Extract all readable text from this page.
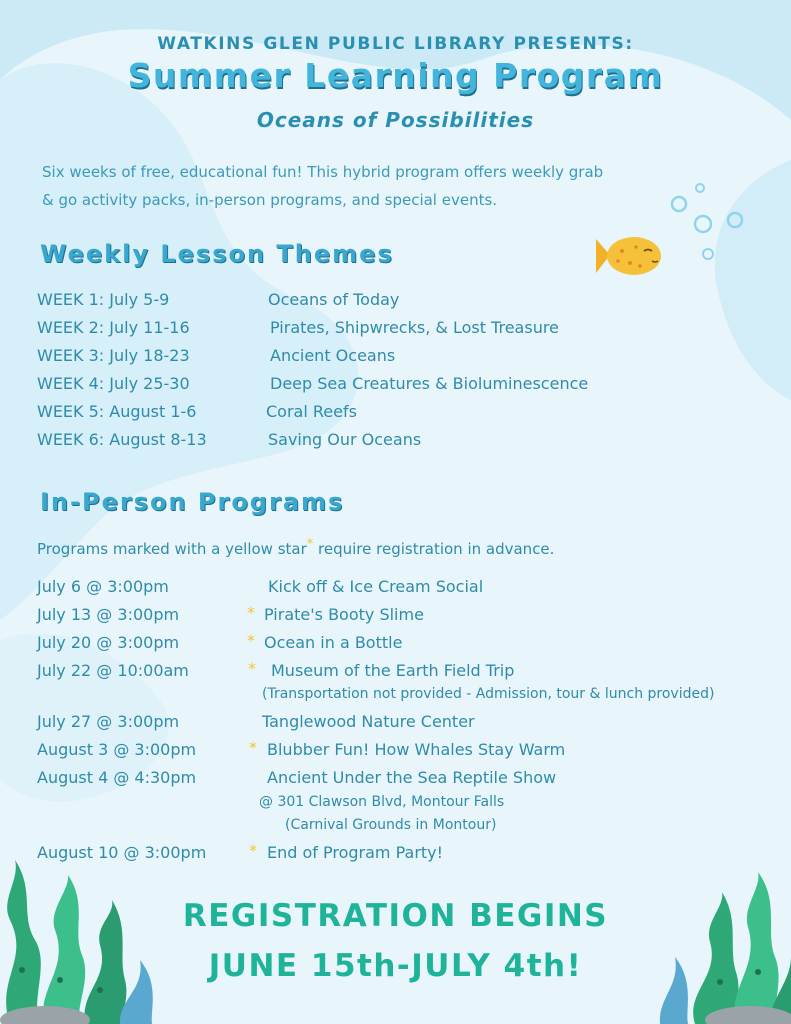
WATKINS GLEN PUBLIC LIBRARY PRESENTS:
Summer Learning Program
Oceans of Possibilities
Six weeks of free, educational fun! This hybrid program offers weekly grab
& go activity packs, in-person programs, and special events.
Weekly Lesson Themes
WEEK 1: July 5-9	Oceans of Today
WEEK 2: July 11-16	Pirates, Shipwrecks, & Lost Treasure
WEEK 3: July 18-23	Ancient Oceans
WEEK 4: July 25-30	Deep Sea Creatures & Bioluminescence
WEEK 5: August 1-6	Coral Reefs
WEEK 6: August 8-13	Saving Our Oceans
In-Person Programs
Programs marked with a yellow star* require registration in advance.
July 6 @ 3:00pm	Kick off & Ice Cream Social
July 13 @ 3:00pm	* Pirate's Booty Slime
July 20 @ 3:00pm	* Ocean in a Bottle
July 22 @ 10:00am	* Museum of the Earth Field Trip
(Transportation not provided - Admission, tour & lunch provided)
July 27 @ 3:00pm	Tanglewood Nature Center
August 3 @ 3:00pm	* Blubber Fun! How Whales Stay Warm
August 4 @ 4:30pm	Ancient Under the Sea Reptile Show
@ 301 Clawson Blvd, Montour Falls
(Carnival Grounds in Montour)
August 10 @ 3:00pm	* End of Program Party!
REGISTRATION BEGINS
JUNE 15th-JULY 4th!
